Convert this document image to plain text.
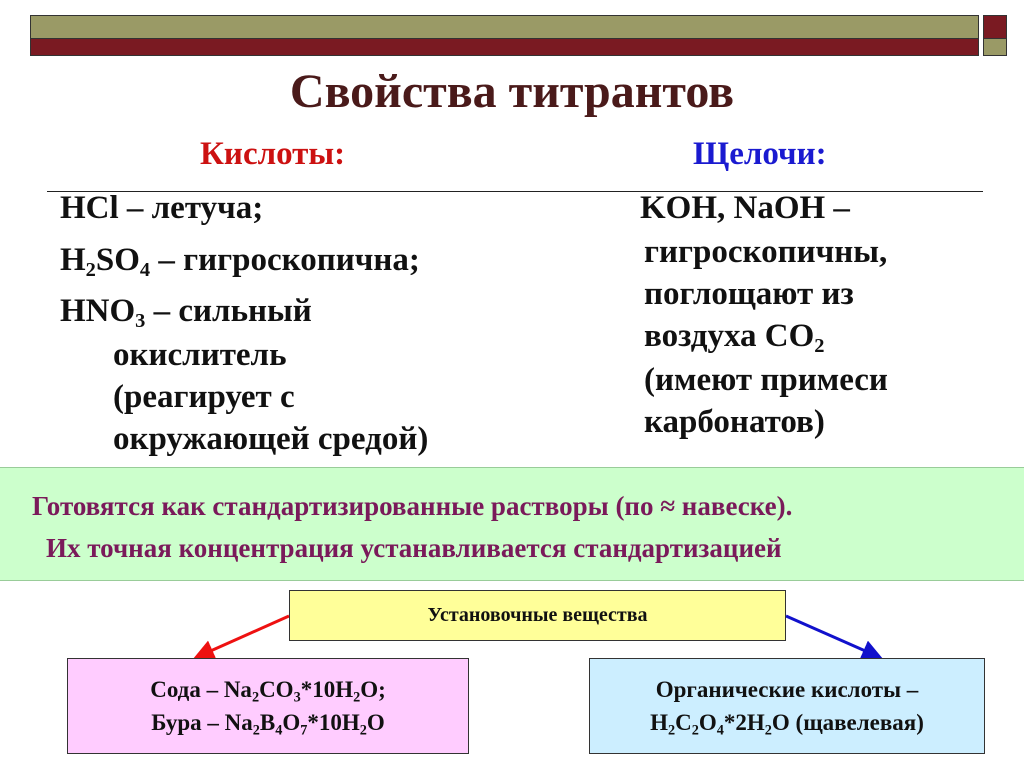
Свойства титрантов
Кислоты:	Щелочи:
HCl – летуча;
$H_2SO_4$ – гигроскопична;
$HNO_3$ – сильный
окислитель
(реагирует с
окружающей средой)
KOH, NaOH –
гигроскопичны,
поглощают из
воздуха $CO_2$
(имеют примеси
карбонатов)
Готовятся как стандартизированные растворы (по ≈ навеске).
Их точная концентрация устанавливается стандартизацией
Установочные вещества
Сода – $Na_2CO_3*10H_2O$;
Бура – $Na_2B_4O_7*10H_2O$
Органические кислоты –
$H_2C_2O_4*2H_2O$ (щавелевая)
